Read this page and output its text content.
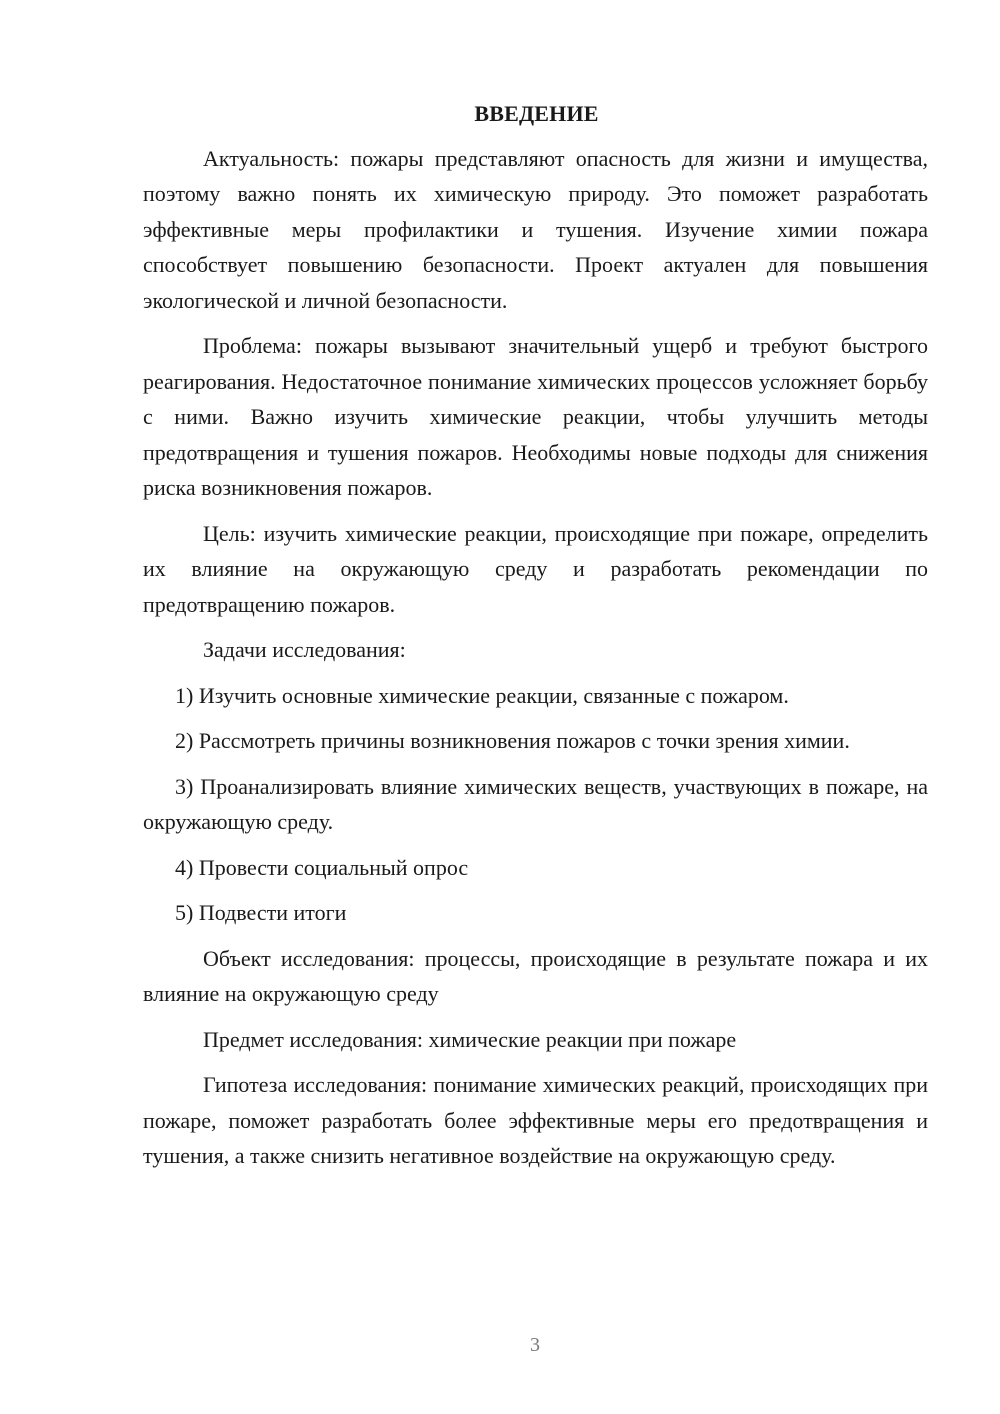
ВВЕДЕНИЕ

Актуальность: пожары представляют опасность для жизни и имущества, поэтому важно понять их химическую природу. Это поможет разработать эффективные меры профилактики и тушения. Изучение химии пожара способствует повышению безопасности. Проект актуален для повышения экологической и личной безопасности.

Проблема: пожары вызывают значительный ущерб и требуют быстрого реагирования. Недостаточное понимание химических процессов усложняет борьбу с ними. Важно изучить химические реакции, чтобы улучшить методы предотвращения и тушения пожаров. Необходимы новые подходы для снижения риска возникновения пожаров.

Цель: изучить химические реакции, происходящие при пожаре, определить их влияние на окружающую среду и разработать рекомендации по предотвращению пожаров.

Задачи исследования:

1) Изучить основные химические реакции, связанные с пожаром.

2) Рассмотреть причины возникновения пожаров с точки зрения химии.

3) Проанализировать влияние химических веществ, участвующих в пожаре, на окружающую среду.

4) Провести социальный опрос

5) Подвести итоги

Объект исследования: процессы, происходящие в результате пожара и их влияние на окружающую среду

Предмет исследования: химические реакции при пожаре

Гипотеза исследования: понимание химических реакций, происходящих при пожаре, поможет разработать более эффективные меры его предотвращения и тушения, а также снизить негативное воздействие на окружающую среду.

3
